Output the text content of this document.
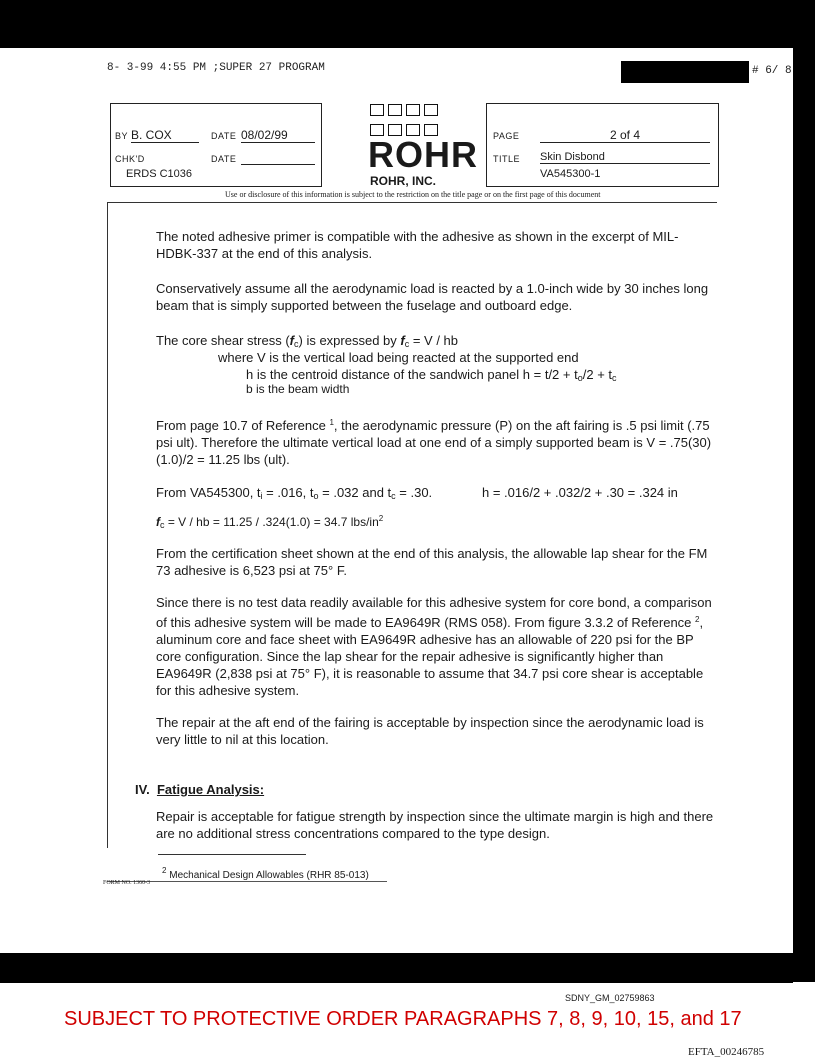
8- 3-99 4:55 PM ;SUPER 27 PROGRAM	# 6/ 8
BY B. COX	DATE 08/02/99
CHK'D	DATE
ERDS C1036	ROHR
ROHR, INC.
PAGE	2 of 4
TITLE Skin Disbond
VA545300-1
Use or disclosure of this information is subject to the restriction on the title page or on the first page of this document
The noted adhesive primer is compatible with the adhesive as shown in the excerpt of MIL-HDBK-337 at the end of this analysis.
Conservatively assume all the aerodynamic load is reacted by a 1.0-inch wide by 30 inches long beam that is simply supported between the fuselage and outboard edge.
The core shear stress $(f_c)$ is expressed by $f_c = V$ / hb
where V is the vertical load being reacted at the supported end
h is the centroid distance of the sandwich panel $h = t/2 + t_o/2 + t_c$
b is the beam width
From page 10.7 of Reference $^1$, the aerodynamic pressure (P) on the aft fairing is .5 psi limit (.75 psi ult). Therefore the ultimate vertical load at one end of a simply supported beam is V = .75(30)(1.0)/2 = 11.25 lbs (ult).
From VA545300, $t_i = .016$, $t_o = .032$ and $t_c = .30$.	h = .016/2 + .032/2 + .30 = .324 in
$f_c = V$ / hb = 11.25 / .324(1.0) = 34.7 lbs/$in^2$
From the certification sheet shown at the end of this analysis, the allowable lap shear for the FM 73 adhesive is 6,523 psi at 75° F.
Since there is no test data readily available for this adhesive system for core bond, a comparison of this adhesive system will be made to EA9649R (RMS 058). From figure 3.3.2 of Reference $^2$, aluminum core and face sheet with EA9649R adhesive has an allowable of 220 psi for the BP core configuration. Since the lap shear for the repair adhesive is significantly higher than EA9649R (2,838 psi at 75° F), it is reasonable to assume that 34.7 psi core shear is acceptable for this adhesive system.
The repair at the aft end of the fairing is acceptable by inspection since the aerodynamic load is very little to nil at this location.
IV. Fatigue Analysis:
Repair is acceptable for fatigue strength by inspection since the ultimate margin is high and there are no additional stress concentrations compared to the type design.
$^2$ Mechanical Design Allowables (RHR 85-013)
FORM NO. 1360-3
SDNY_GM_02759863
SUBJECT TO PROTECTIVE ORDER PARAGRAPHS 7, 8, 9, 10, 15, and 17
EFTA_00246785
